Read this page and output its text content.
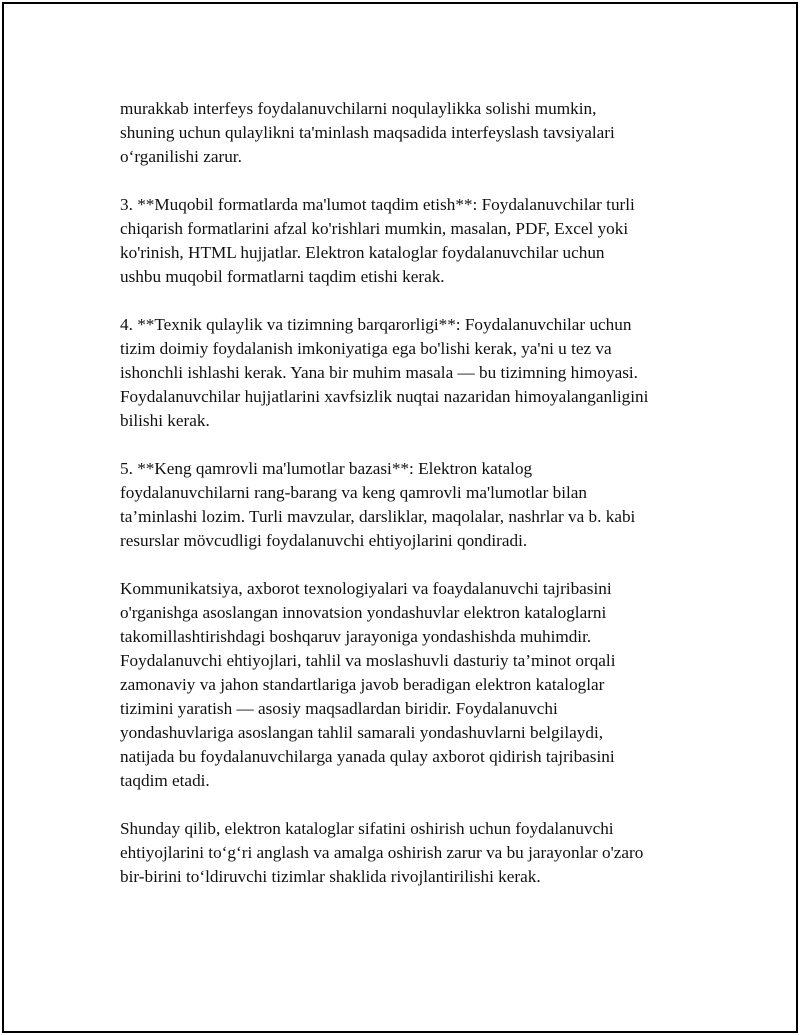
murakkab interfeys foydalanuvchilarni noqulaylikka solishi mumkin,
shuning uchun qulaylikni ta'minlash maqsadida interfeyslash tavsiyalari
o‘rganilishi zarur.

3. **Muqobil formatlarda ma'lumot taqdim etish**: Foydalanuvchilar turli
chiqarish formatlarini afzal ko'rishlari mumkin, masalan, PDF, Excel yoki
ko'rinish, HTML hujjatlar. Elektron kataloglar foydalanuvchilar uchun
ushbu muqobil formatlarni taqdim etishi kerak.

4. **Texnik qulaylik va tizimning barqarorligi**: Foydalanuvchilar uchun
tizim doimiy foydalanish imkoniyatiga ega bo'lishi kerak, ya'ni u tez va
ishonchli ishlashi kerak. Yana bir muhim masala — bu tizimning himoyasi.
Foydalanuvchilar hujjatlarini xavfsizlik nuqtai nazaridan himoyalanganligini
bilishi kerak.

5. **Keng qamrovli ma'lumotlar bazasi**: Elektron katalog
foydalanuvchilarni rang-barang va keng qamrovli ma'lumotlar bilan
ta’minlashi lozim. Turli mavzular, darsliklar, maqolalar, nashrlar va b. kabi
resurslar mövcudligi foydalanuvchi ehtiyojlarini qondiradi.

Kommunikatsiya, axborot texnologiyalari va foaydalanuvchi tajribasini
o'rganishga asoslangan innovatsion yondashuvlar elektron kataloglarni
takomillashtirishdagi boshqaruv jarayoniga yondashishda muhimdir.
Foydalanuvchi ehtiyojlari, tahlil va moslashuvli dasturiy ta’minot orqali
zamonaviy va jahon standartlariga javob beradigan elektron kataloglar
tizimini yaratish — asosiy maqsadlardan biridir. Foydalanuvchi
yondashuvlariga asoslangan tahlil samarali yondashuvlarni belgilaydi,
natijada bu foydalanuvchilarga yanada qulay axborot qidirish tajribasini
taqdim etadi.

Shunday qilib, elektron kataloglar sifatini oshirish uchun foydalanuvchi
ehtiyojlarini to‘g‘ri anglash va amalga oshirish zarur va bu jarayonlar o'zaro
bir-birini to‘ldiruvchi tizimlar shaklida rivojlantirilishi kerak.
